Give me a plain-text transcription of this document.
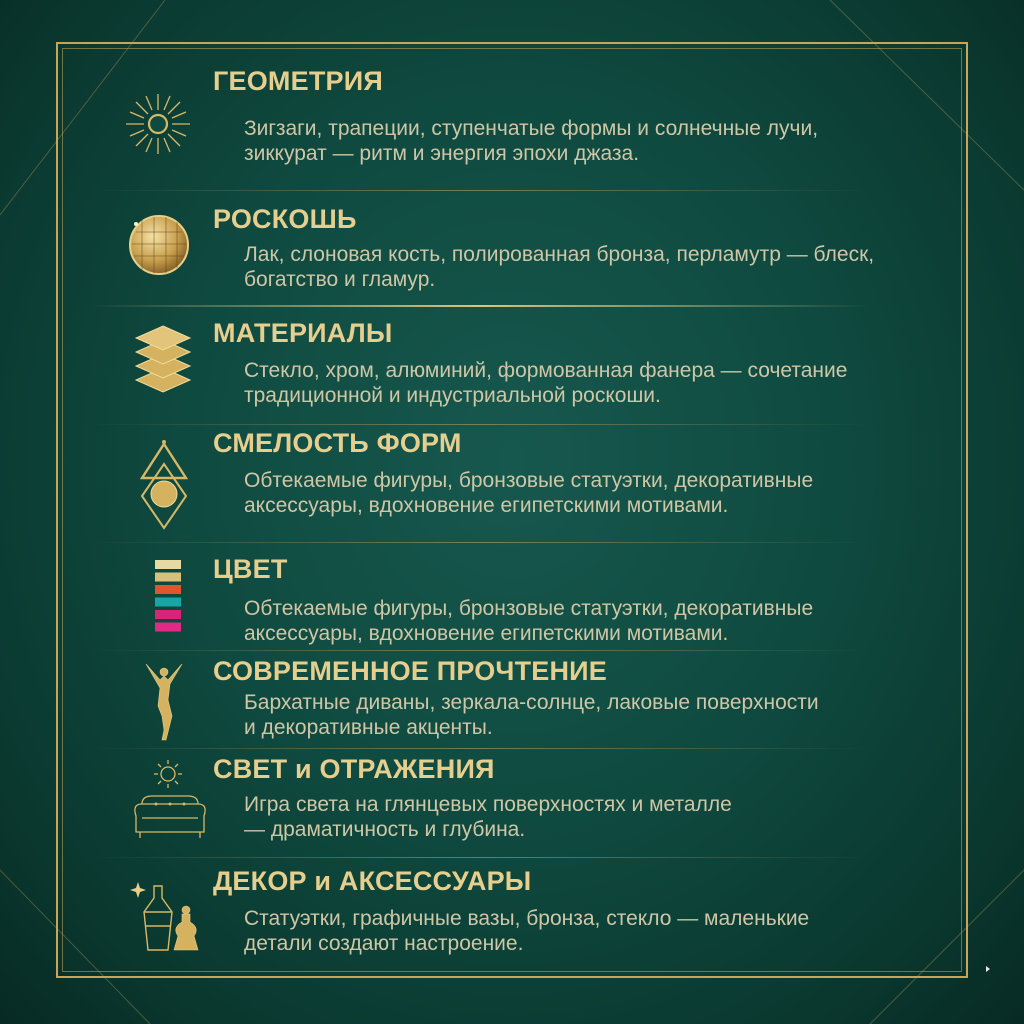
ГЕОМЕТРИЯ
Зигзаги, трапеции, ступенчатые формы и солнечные лучи,
зиккурат — ритм и энергия эпохи джаза.
РОСКОШЬ
Лак, слоновая кость, полированная бронза, перламутр — блеск,
богатство и гламур.
МАТЕРИАЛЫ
Стекло, хром, алюминий, формованная фанера — сочетание
традиционной и индустриальной роскоши.
СМЕЛОСТЬ ФОРМ
Обтекаемые фигуры, бронзовые статуэтки, декоративные
аксессуары, вдохновение египетскими мотивами.
ЦВЕТ
Обтекаемые фигуры, бронзовые статуэтки, декоративные
аксессуары, вдохновение египетскими мотивами.
СОВРЕМЕННОЕ ПРОЧТЕНИЕ
Бархатные диваны, зеркала-солнце, лаковые поверхности
и декоративные акценты.
СВЕТ и ОТРАЖЕНИЯ
Игра света на глянцевых поверхностях и металле
— драматичность и глубина.
ДЕКОР и АКСЕССУАРЫ
Статуэтки, графичные вазы, бронза, стекло — маленькие
детали создают настроение.
